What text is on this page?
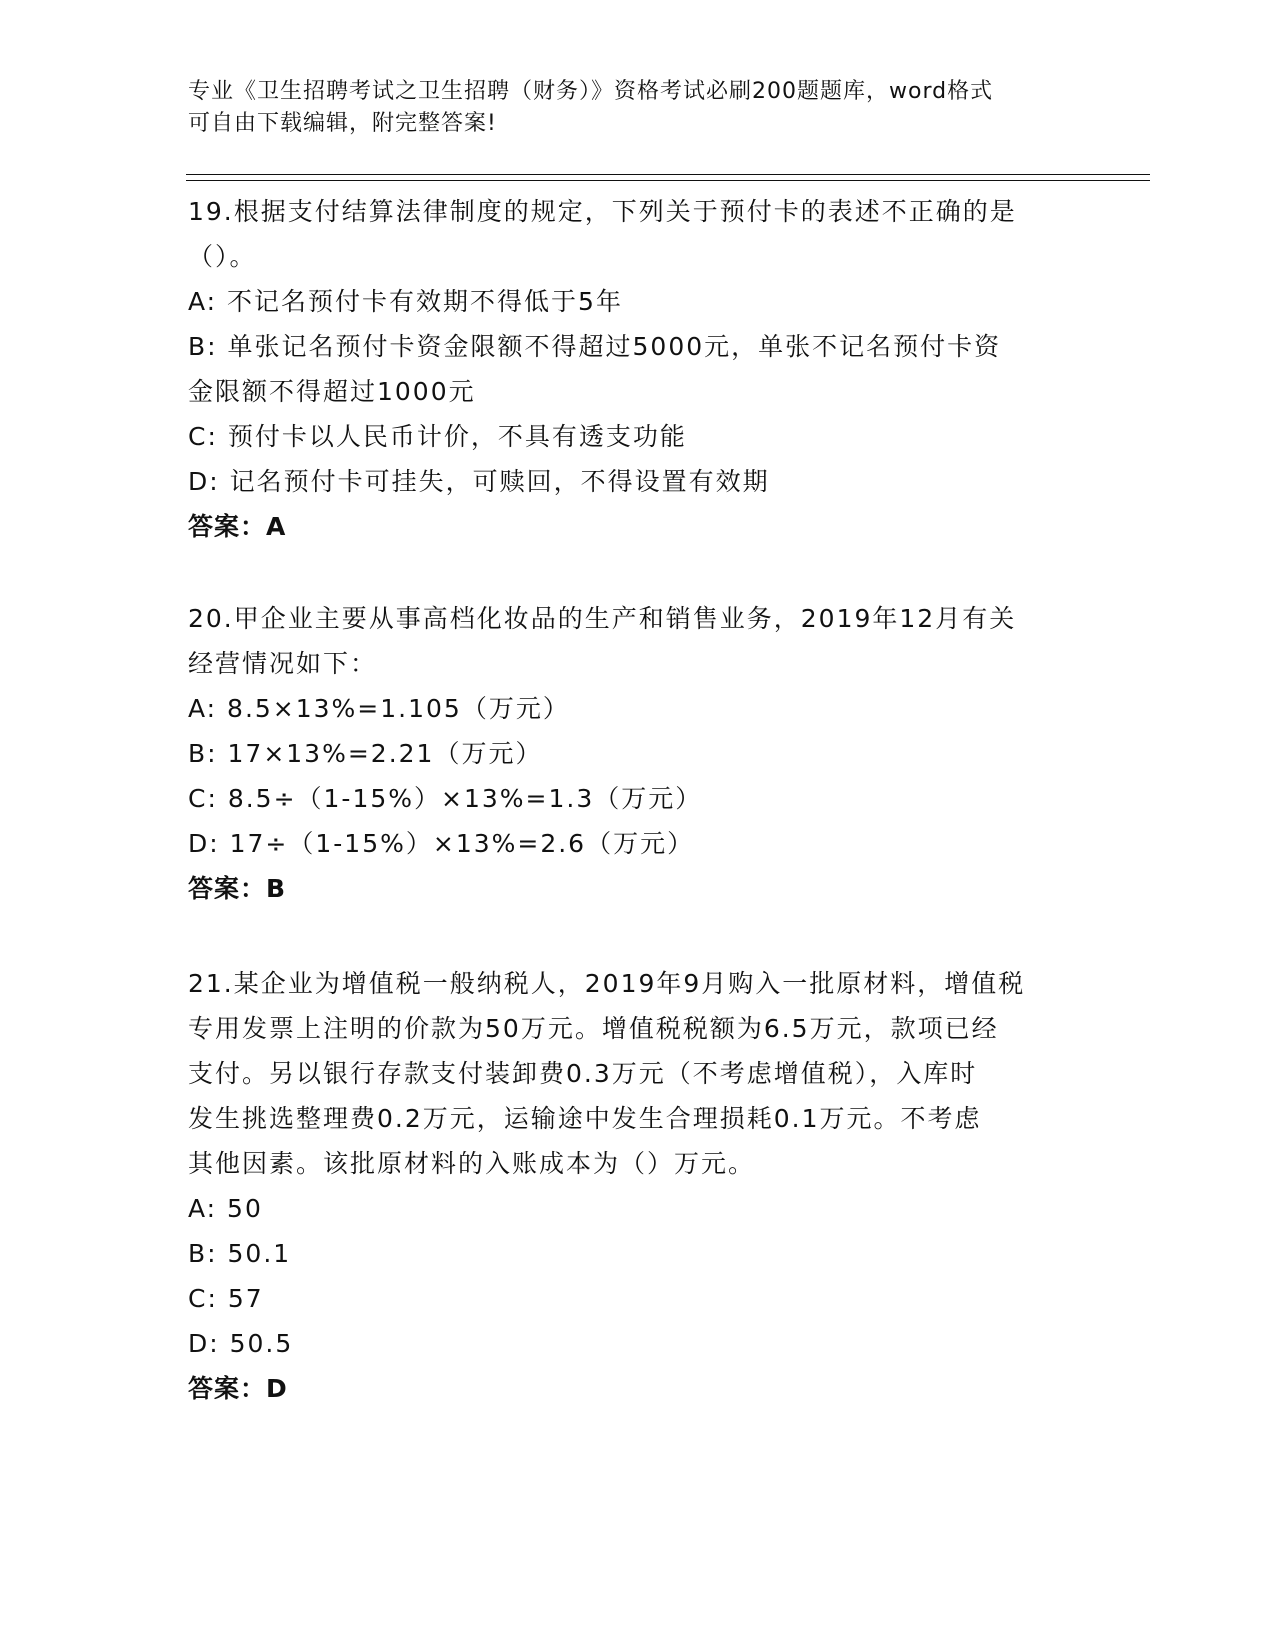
专业《卫生招聘考试之卫生招聘（财务）》资格考试必刷200题题库，word格式
可自由下载编辑，附完整答案!
19.根据支付结算法律制度的规定，下列关于预付卡的表述不正确的是
（）。
A: 不记名预付卡有效期不得低于5年
B: 单张记名预付卡资金限额不得超过5000元，单张不记名预付卡资
金限额不得超过1000元
C: 预付卡以人民币计价，不具有透支功能
D: 记名预付卡可挂失，可赎回，不得设置有效期
答案：A
20.甲企业主要从事高档化妆品的生产和销售业务，2019年12月有关
经营情况如下：
A: 8.5×13%=1.105（万元）
B: 17×13%=2.21（万元）
C: 8.5÷（1-15%）×13%=1.3（万元）
D: 17÷（1-15%）×13%=2.6（万元）
答案：B
21.某企业为增值税一般纳税人，2019年9月购入一批原材料，增值税
专用发票上注明的价款为50万元。增值税税额为6.5万元，款项已经
支付。另以银行存款支付装卸费0.3万元（不考虑增值税），入库时
发生挑选整理费0.2万元，运输途中发生合理损耗0.1万元。不考虑
其他因素。该批原材料的入账成本为（）万元。
A: 50
B: 50.1
C: 57
D: 50.5
答案：D
